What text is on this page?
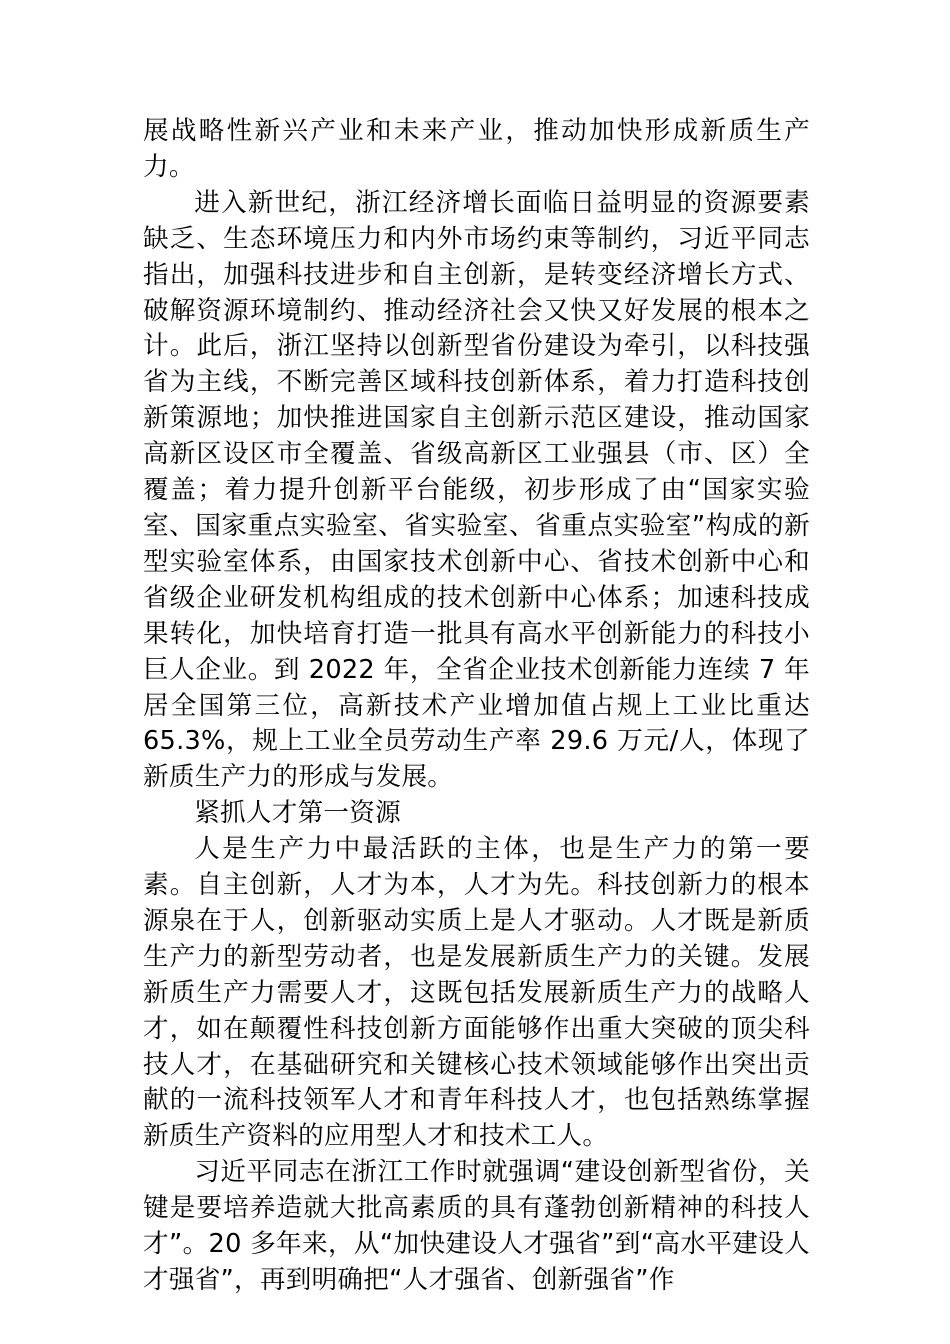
展战略性新兴产业和未来产业，推动加快形成新质生产力。

进入新世纪，浙江经济增长面临日益明显的资源要素缺乏、生态环境压力和内外市场约束等制约，习近平同志指出，加强科技进步和自主创新，是转变经济增长方式、破解资源环境制约、推动经济社会又快又好发展的根本之计。此后，浙江坚持以创新型省份建设为牵引，以科技强省为主线，不断完善区域科技创新体系，着力打造科技创新策源地；加快推进国家自主创新示范区建设，推动国家高新区设区市全覆盖、省级高新区工业强县（市、区）全覆盖；着力提升创新平台能级，初步形成了由“国家实验室、国家重点实验室、省实验室、省重点实验室”构成的新型实验室体系，由国家技术创新中心、省技术创新中心和省级企业研发机构组成的技术创新中心体系；加速科技成果转化，加快培育打造一批具有高水平创新能力的科技小巨人企业。到 2022 年，全省企业技术创新能力连续 7 年居全国第三位，高新技术产业增加值占规上工业比重达 65.3%，规上工业全员劳动生产率 29.6 万元/人，体现了新质生产力的形成与发展。

紧抓人才第一资源

人是生产力中最活跃的主体，也是生产力的第一要素。自主创新，人才为本，人才为先。科技创新力的根本源泉在于人，创新驱动实质上是人才驱动。人才既是新质生产力的新型劳动者，也是发展新质生产力的关键。发展新质生产力需要人才，这既包括发展新质生产力的战略人才，如在颠覆性科技创新方面能够作出重大突破的顶尖科技人才，在基础研究和关键核心技术领域能够作出突出贡献的一流科技领军人才和青年科技人才，也包括熟练掌握新质生产资料的应用型人才和技术工人。

习近平同志在浙江工作时就强调“建设创新型省份，关键是要培养造就大批高素质的具有蓬勃创新精神的科技人才”。20 多年来，从“加快建设人才强省”到“高水平建设人才强省”，再到明确把“人才强省、创新强省”作
